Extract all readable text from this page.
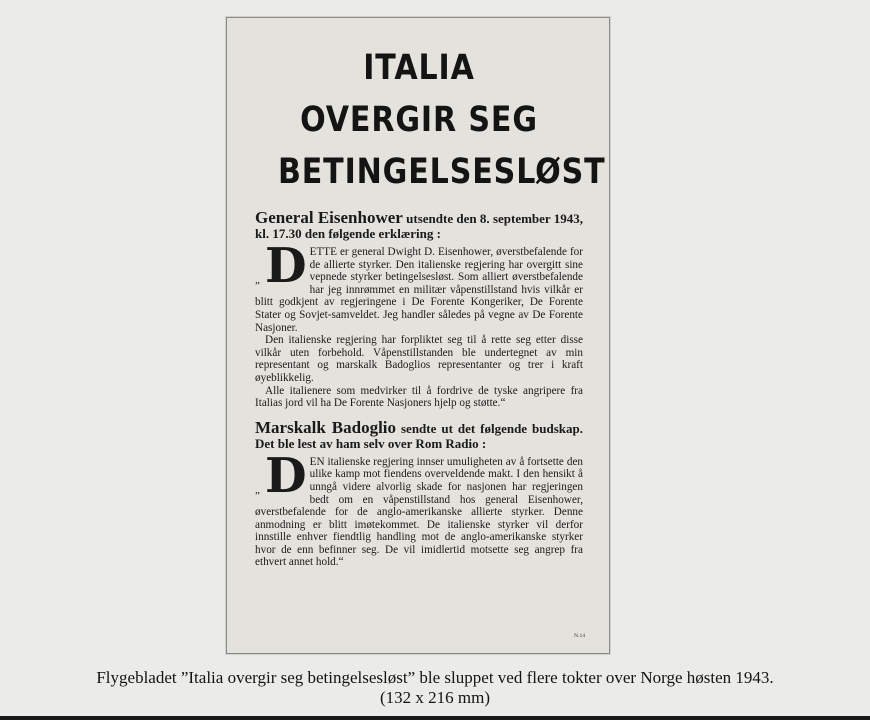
ITALIA
OVERGIR SEG
BETINGELSESLØST

General Eisenhower utsendte den 8. september 1943, kl. 17.30 den følgende erklæring :

„ D ETTE er general Dwight D. Eisenhower, øverstbefalende for de allierte styrker. Den italienske regjering har overgitt sine vepnede styrker betingelsesløst. Som alliert øverstbefalende har jeg innrømmet en militær våpenstillstand hvis vilkår er blitt godkjent av regjeringene i De Forente Kongeriker, De Forente Stater og Sovjet-samveldet. Jeg handler således på vegne av De Forente Nasjoner.

Den italienske regjering har forpliktet seg til å rette seg etter disse vilkår uten forbehold. Våpenstillstanden ble undertegnet av min representant og marskalk Badoglios representanter og trer i kraft øyeblikkelig.

Alle italienere som medvirker til å fordrive de tyske angripere fra Italias jord vil ha De Forente Nasjoners hjelp og støtte.“

Marskalk Badoglio sendte ut det følgende budskap. Det ble lest av ham selv over Rom Radio :

„ D EN italienske regjering innser umuligheten av å fortsette den ulike kamp mot fiendens overveldende makt. I den hensikt å unngå videre alvorlig skade for nasjonen har regjeringen bedt om en våpenstillstand hos general Eisenhower, øverstbefalende for de anglo-amerikanske allierte styrker. Denne anmodning er blitt imøtekommet. De italienske styrker vil derfor innstille enhver fiendtlig handling mot de anglo-amerikanske styrker hvor de enn befinner seg. De vil imidlertid motsette seg angrep fra ethvert annet hold.“

N.14
Flygebladet ”Italia overgir seg betingelsesløst” ble sluppet ved flere tokter over Norge høsten 1943.
(132 x 216 mm)
